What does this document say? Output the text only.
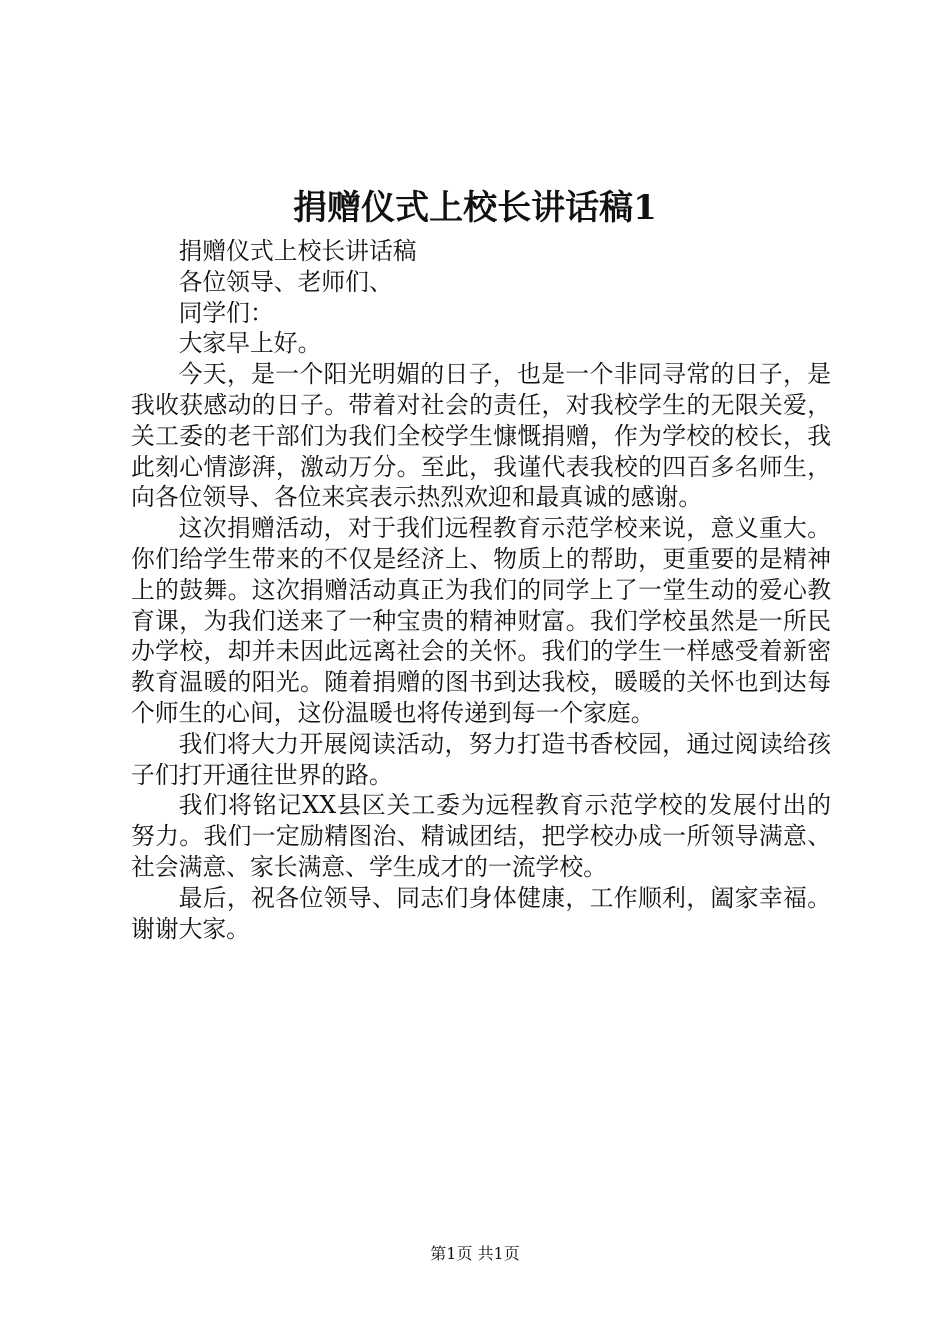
捐赠仪式上校长讲话稿1

捐赠仪式上校长讲话稿

各位领导、老师们、

同学们：

大家早上好。

今天，是一个阳光明媚的日子，也是一个非同寻常的日子，是我收获感动的日子。带着对社会的责任，对我校学生的无限关爱，关工委的老干部们为我们全校学生慷慨捐赠，作为学校的校长，我此刻心情澎湃，激动万分。至此，我谨代表我校的四百多名师生，向各位领导、各位来宾表示热烈欢迎和最真诚的感谢。

这次捐赠活动，对于我们远程教育示范学校来说，意义重大。你们给学生带来的不仅是经济上、物质上的帮助，更重要的是精神上的鼓舞。这次捐赠活动真正为我们的同学上了一堂生动的爱心教育课，为我们送来了一种宝贵的精神财富。我们学校虽然是一所民办学校，却并未因此远离社会的关怀。我们的学生一样感受着新密教育温暖的阳光。随着捐赠的图书到达我校，暖暖的关怀也到达每个师生的心间，这份温暖也将传递到每一个家庭。

我们将大力开展阅读活动，努力打造书香校园，通过阅读给孩子们打开通往世界的路。

我们将铭记XX县区关工委为远程教育示范学校的发展付出的努力。我们一定励精图治、精诚团结，把学校办成一所领导满意、社会满意、家长满意、学生成才的一流学校。

最后，祝各位领导、同志们身体健康，工作顺利，阖家幸福。谢谢大家。

第1页 共1页
